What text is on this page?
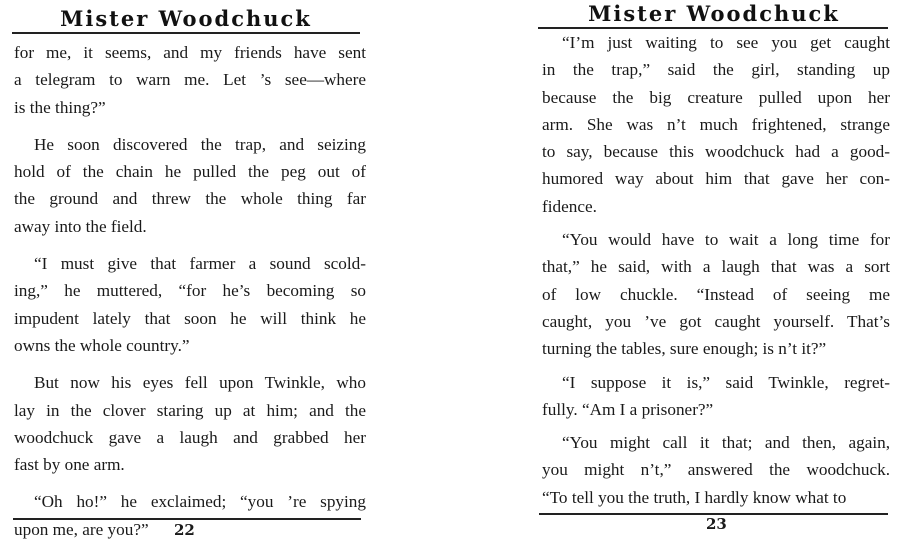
Mister Woodchuck
for me, it seems, and my friends have sent
a telegram to warn me. Let ’s see—where
is the thing?”
He soon discovered the trap, and seizing
hold of the chain he pulled the peg out of
the ground and threw the whole thing far
away into the field.
“I must give that farmer a sound scold-
ing,” he muttered, “for he’s becoming so
impudent lately that soon he will think he
owns the whole country.”
But now his eyes fell upon Twinkle, who
lay in the clover staring up at him; and the
woodchuck gave a laugh and grabbed her
fast by one arm.
“Oh ho!” he exclaimed; “you ’re spying
upon me, are you?”	22
Mister Woodchuck
“I’m just waiting to see you get caught
in the trap,” said the girl, standing up
because the big creature pulled upon her
arm. She was n’t much frightened, strange
to say, because this woodchuck had a good-
humored way about him that gave her con-
fidence.
“You would have to wait a long time for
that,” he said, with a laugh that was a sort
of low chuckle. “Instead of seeing me
caught, you ’ve got caught yourself. That’s
turning the tables, sure enough; is n’t it?”
“I suppose it is,” said Twinkle, regret-
fully. “Am I a prisoner?”
“You might call it that; and then, again,
you might n’t,” answered the woodchuck.
“To tell you the truth, I hardly know what to
23
